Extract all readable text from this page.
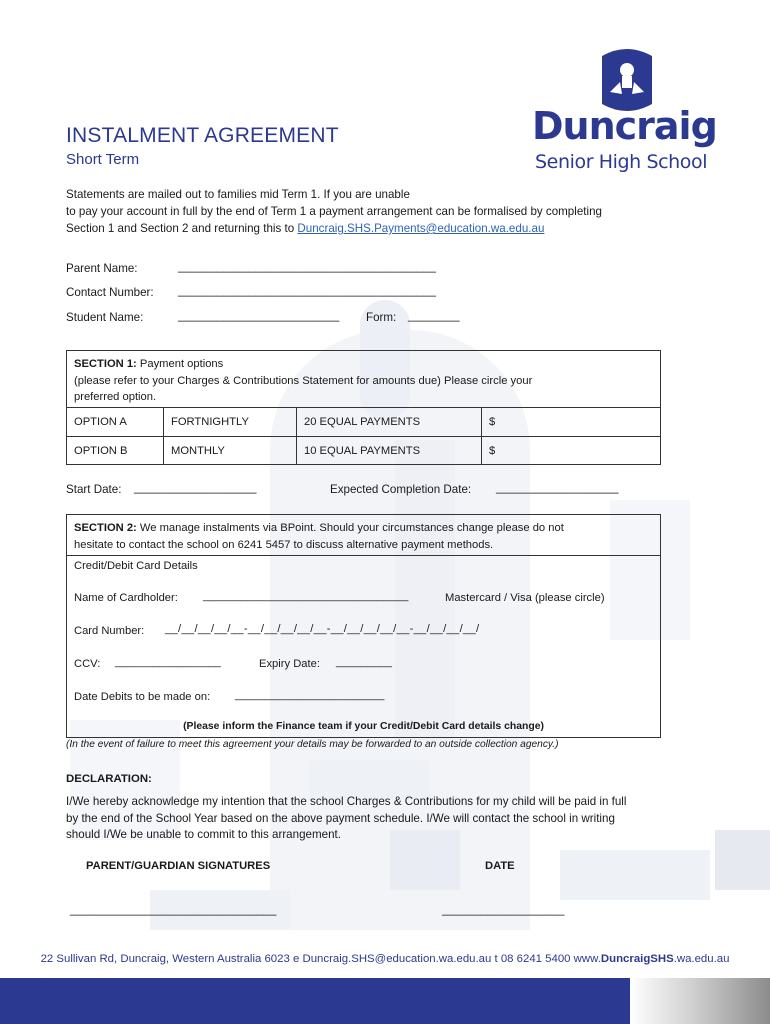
Duncraig
Senior High School
INSTALMENT AGREEMENT
Short Term
Statements are mailed out to families mid Term 1. If you are unable
to pay your account in full by the end of Term 1 a payment arrangement can be formalised by completing
Section 1 and Section 2 and returning this to Duncraig.SHS.Payments@education.wa.edu.au
Parent Name:	________________________________________
Contact Number: ________________________________________
Student Name:	_________________________ Form: ________
SECTION 1: Payment options
(please refer to your Charges & Contributions Statement for amounts due) Please circle your
preferred option.
OPTION A	FORTNIGHTLY	20 EQUAL PAYMENTS	$
OPTION B	MONTHLY	10 EQUAL PAYMENTS	$
Start Date: ___________________	Expected Completion Date: ___________________
SECTION 2: We manage instalments via BPoint. Should your circumstances change please do not
hesitate to contact the school on 6241 5457 to discuss alternative payment methods.
Credit/Debit Card Details
Name of Cardholder: _________________________________	Mastercard / Visa (please circle)
Card Number: __/__/__/__/__-__/__/__/__/__-__/__/__/__/__-__/__/__/__/
CCV: _________________	Expiry Date: _________
Date Debits to be made on: ________________________
(Please inform the Finance team if your Credit/Debit Card details change)
(In the event of failure to meet this agreement your details may be forwarded to an outside collection agency.)
DECLARATION:
I/We hereby acknowledge my intention that the school Charges & Contributions for my child will be paid in full
by the end of the School Year based on the above payment schedule. I/We will contact the school in writing
should I/We be unable to commit to this arrangement.
PARENT/GUARDIAN SIGNATURES	DATE
________________________________	___________________
22 Sullivan Rd, Duncraig, Western Australia 6023 e Duncraig.SHS@education.wa.edu.au t 08 6241 5400 www.DuncraigSHS.wa.edu.au
